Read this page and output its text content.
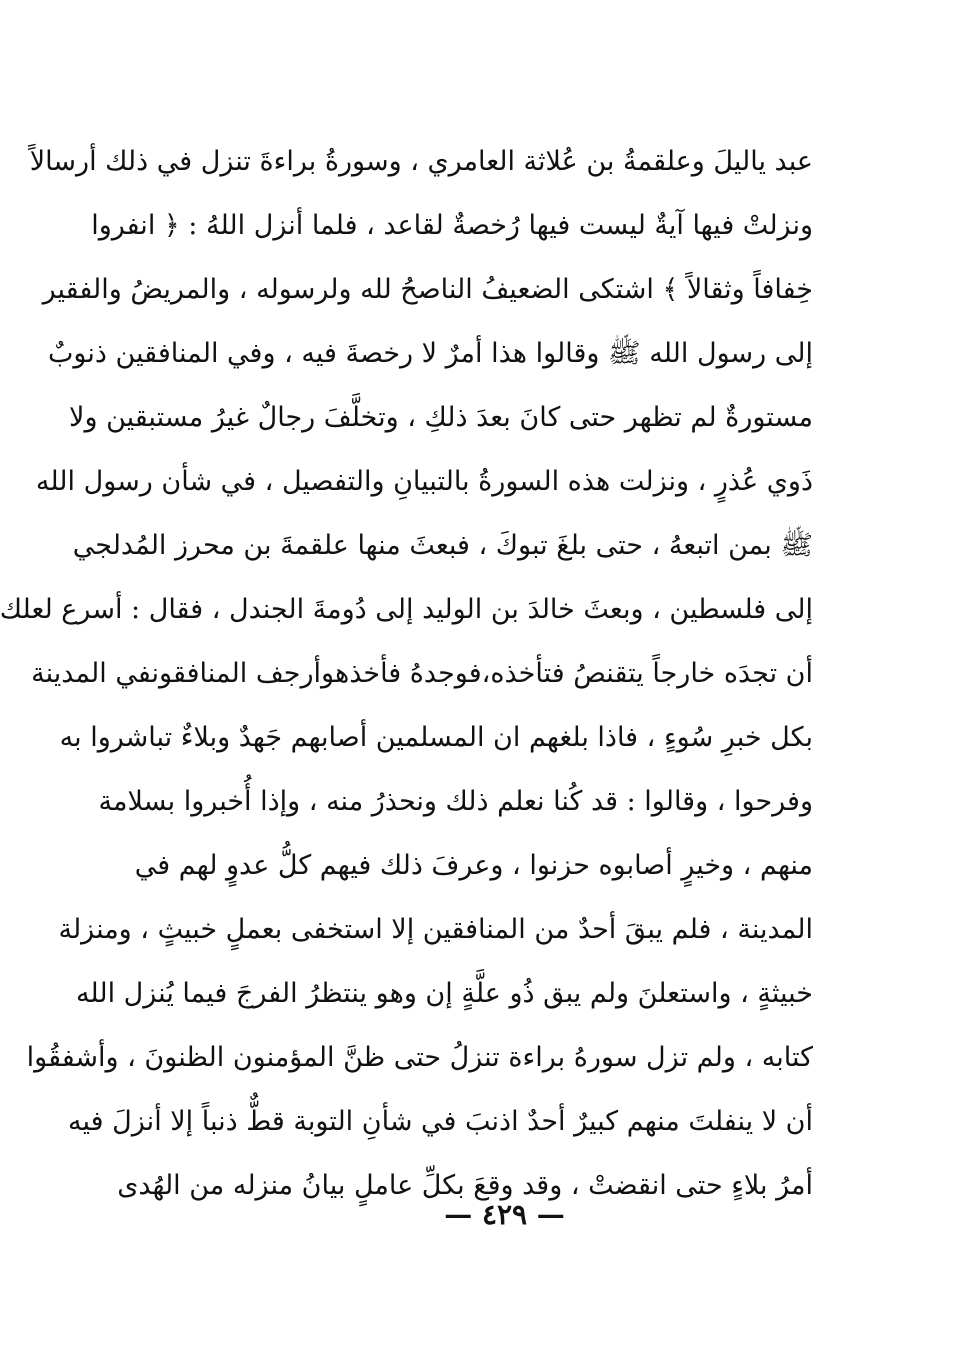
عبد ياليلَ وعلقمةُ بن عُلاثة العامري ، وسورةُ براءةَ تنزل في ذلك أرسالاً
ونزلتْ فيها آيةٌ ليست فيها رُخصةٌ لقاعد ، فلما أنزل اللهُ : ﴿ انفروا
خِفافاً وثقالاً ﴾ اشتكى الضعيفُ الناصحُ لله ولرسوله ، والمريضُ والفقير
إلى رسول الله ﷺ وقالوا هذا أمرٌ لا رخصةَ فيه ، وفي المنافقين ذنوبٌ
مستورةٌ لم تظهر حتى كانَ بعدَ ذلكِ ، وتخلَّفَ رجالٌ غيرُ مستبقين ولا
ذَوي عُذرٍ ، ونزلت هذه السورةُ بالتبيانِ والتفصيل ، في شأن رسول الله
ﷺ بمن اتبعهُ ، حتى بلغَ تبوكَ ، فبعثَ منها علقمةَ بن محرز المُدلجي
إلى فلسطين ، وبعثَ خالدَ بن الوليد إلى دُومةَ الجندل ، فقال : أسرع لعلك
أن تجدَه خارجاً يتقنصُ فتأخذه،فوجدهُ فأخذهوأرجف المنافقونفي المدينة
بكل خبرِ سُوءٍ ، فاذا بلغهم ان المسلمين أصابهم جَهدٌ وبلاءٌ تباشروا به
وفرحوا ، وقالوا : قد كُنا نعلم ذلك ونحذرُ منه ، وإذا أُخبروا بسلامة
منهم ، وخيرٍ أصابوه حزنوا ، وعرفَ ذلك فيهم كلُّ عدوٍ لهم في
المدينة ، فلم يبقَ أحدٌ من المنافقين إلا استخفى بعملٍ خبيثٍ ، ومنزلة
خبيثةٍ ، واستعلنَ ولم يبق ذُو علَّةٍ إن وهو ينتظرُ الفرجَ فيما يُنزل الله
كتابه ، ولم تزل سورهُ براءة تنزلُ حتى ظنَّ المؤمنون الظنونَ ، وأشفقُوا
أن لا ينفلتَ منهم كبيرٌ أحدٌ اذنبَ في شأنِ التوبة قطٌّ ذنباً إلا أنزلَ فيه
أمرُ بلاءٍ حتى انقضتْ ، وقد وقعَ بكلِّ عاملٍ بيانُ منزله من الهُدى
— ٤٢٩ —
